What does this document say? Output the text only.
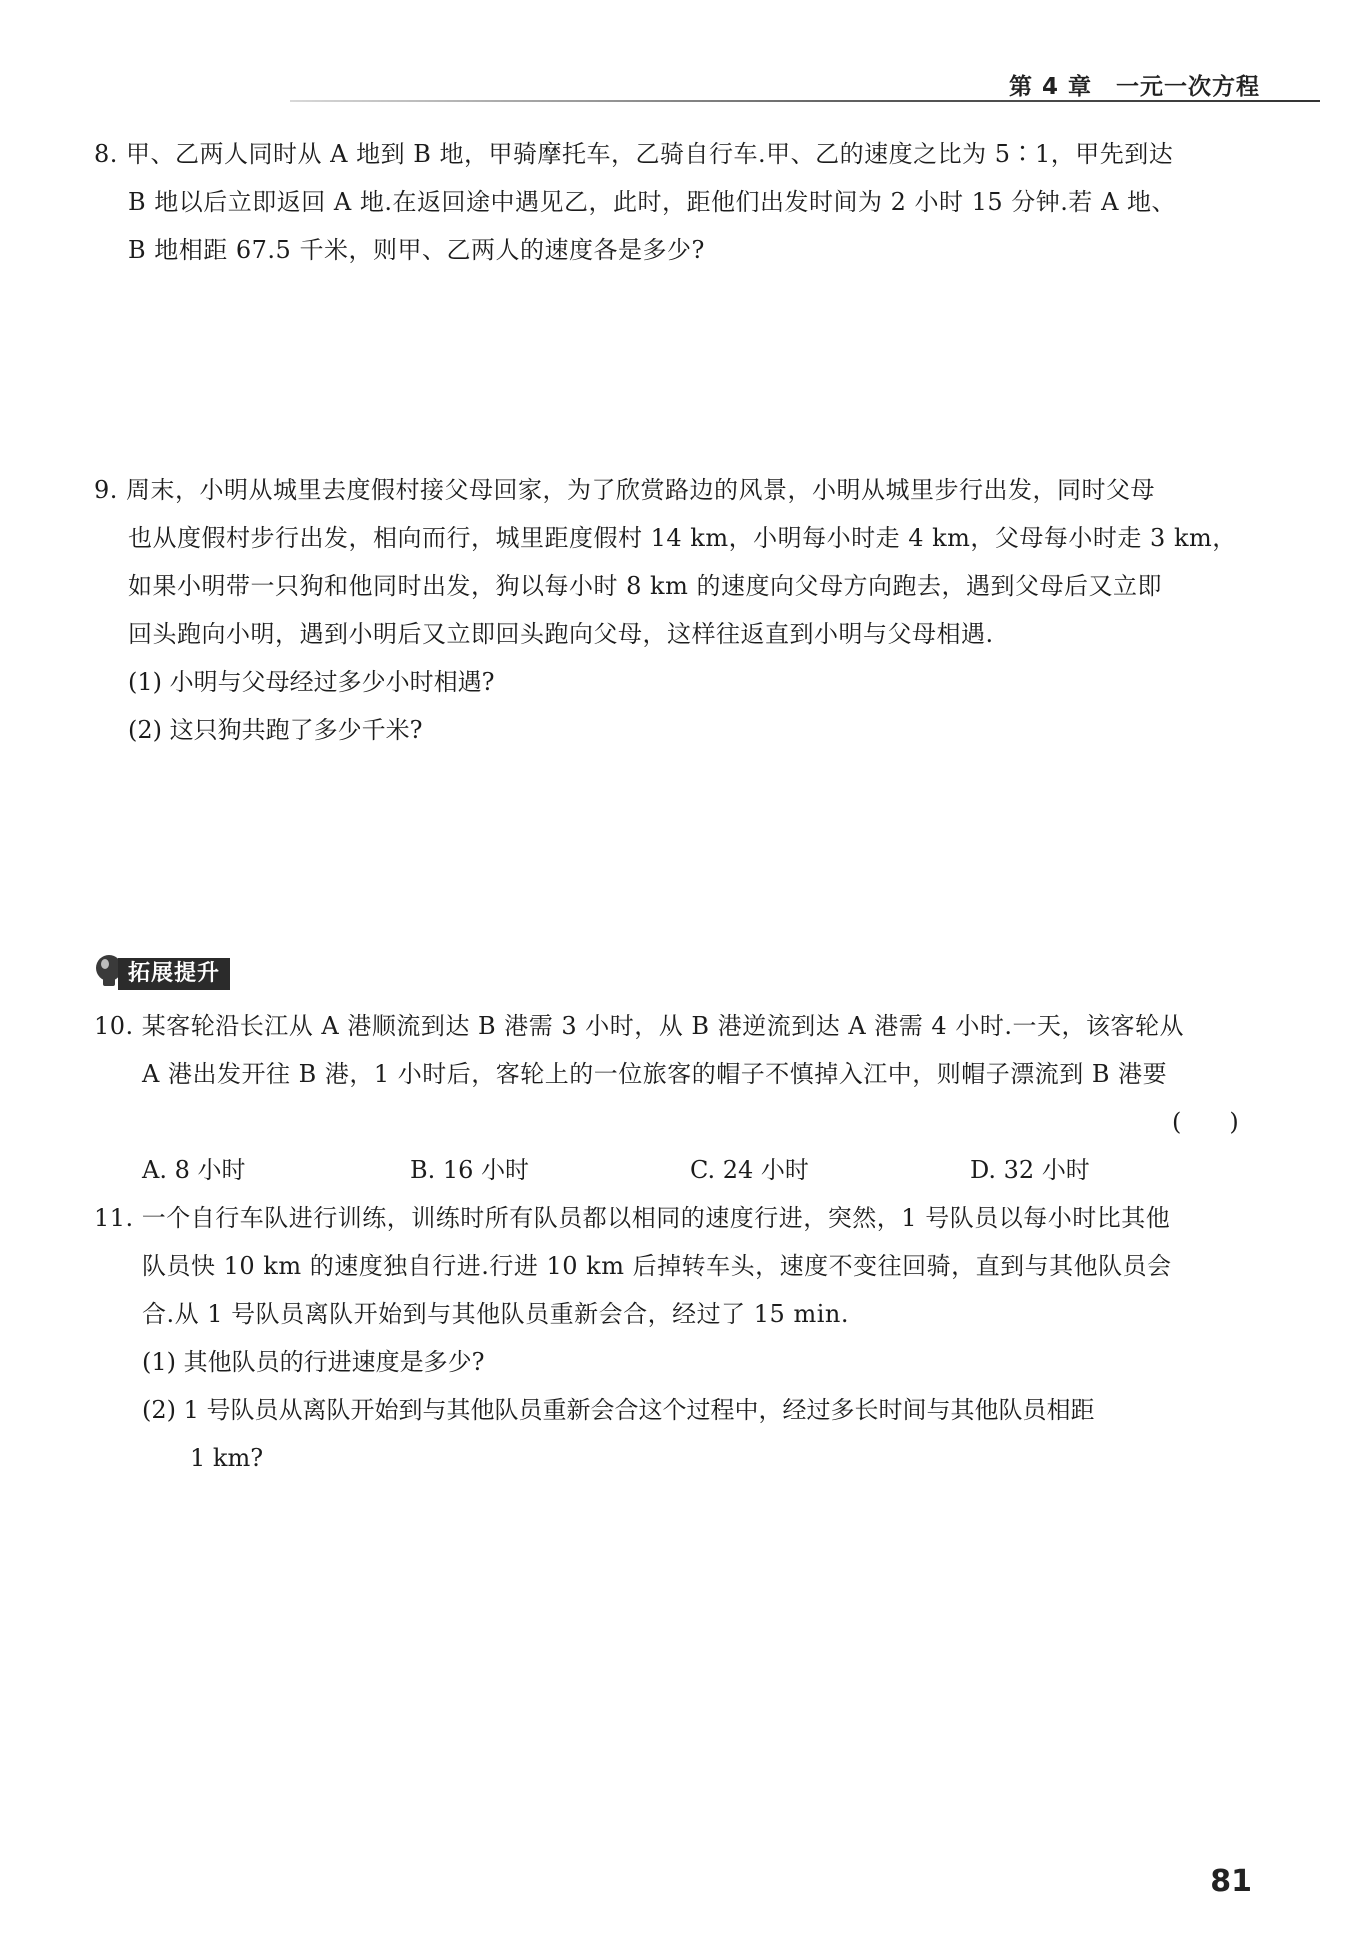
第 4 章　一元一次方程
8. 甲、乙两人同时从 A 地到 B 地，甲骑摩托车，乙骑自行车.甲、乙的速度之比为 5∶1，甲先到达
B 地以后立即返回 A 地.在返回途中遇见乙，此时，距他们出发时间为 2 小时 15 分钟.若 A 地、
B 地相距 67.5 千米，则甲、乙两人的速度各是多少?
9. 周末，小明从城里去度假村接父母回家，为了欣赏路边的风景，小明从城里步行出发，同时父母
也从度假村步行出发，相向而行，城里距度假村 14 km，小明每小时走 4 km，父母每小时走 3 km，
如果小明带一只狗和他同时出发，狗以每小时 8 km 的速度向父母方向跑去，遇到父母后又立即
回头跑向小明，遇到小明后又立即回头跑向父母，这样往返直到小明与父母相遇.
(1) 小明与父母经过多少小时相遇?
(2) 这只狗共跑了多少千米?
拓展提升
10. 某客轮沿长江从 A 港顺流到达 B 港需 3 小时，从 B 港逆流到达 A 港需 4 小时.一天，该客轮从
A 港出发开往 B 港，1 小时后，客轮上的一位旅客的帽子不慎掉入江中，则帽子漂流到 B 港要
(　　)
A. 8 小时	B. 16 小时	C. 24 小时	D. 32 小时
11. 一个自行车队进行训练，训练时所有队员都以相同的速度行进，突然，1 号队员以每小时比其他
队员快 10 km 的速度独自行进.行进 10 km 后掉转车头，速度不变往回骑，直到与其他队员会
合.从 1 号队员离队开始到与其他队员重新会合，经过了 15 min.
(1) 其他队员的行进速度是多少?
(2) 1 号队员从离队开始到与其他队员重新会合这个过程中，经过多长时间与其他队员相距
1 km?
81
